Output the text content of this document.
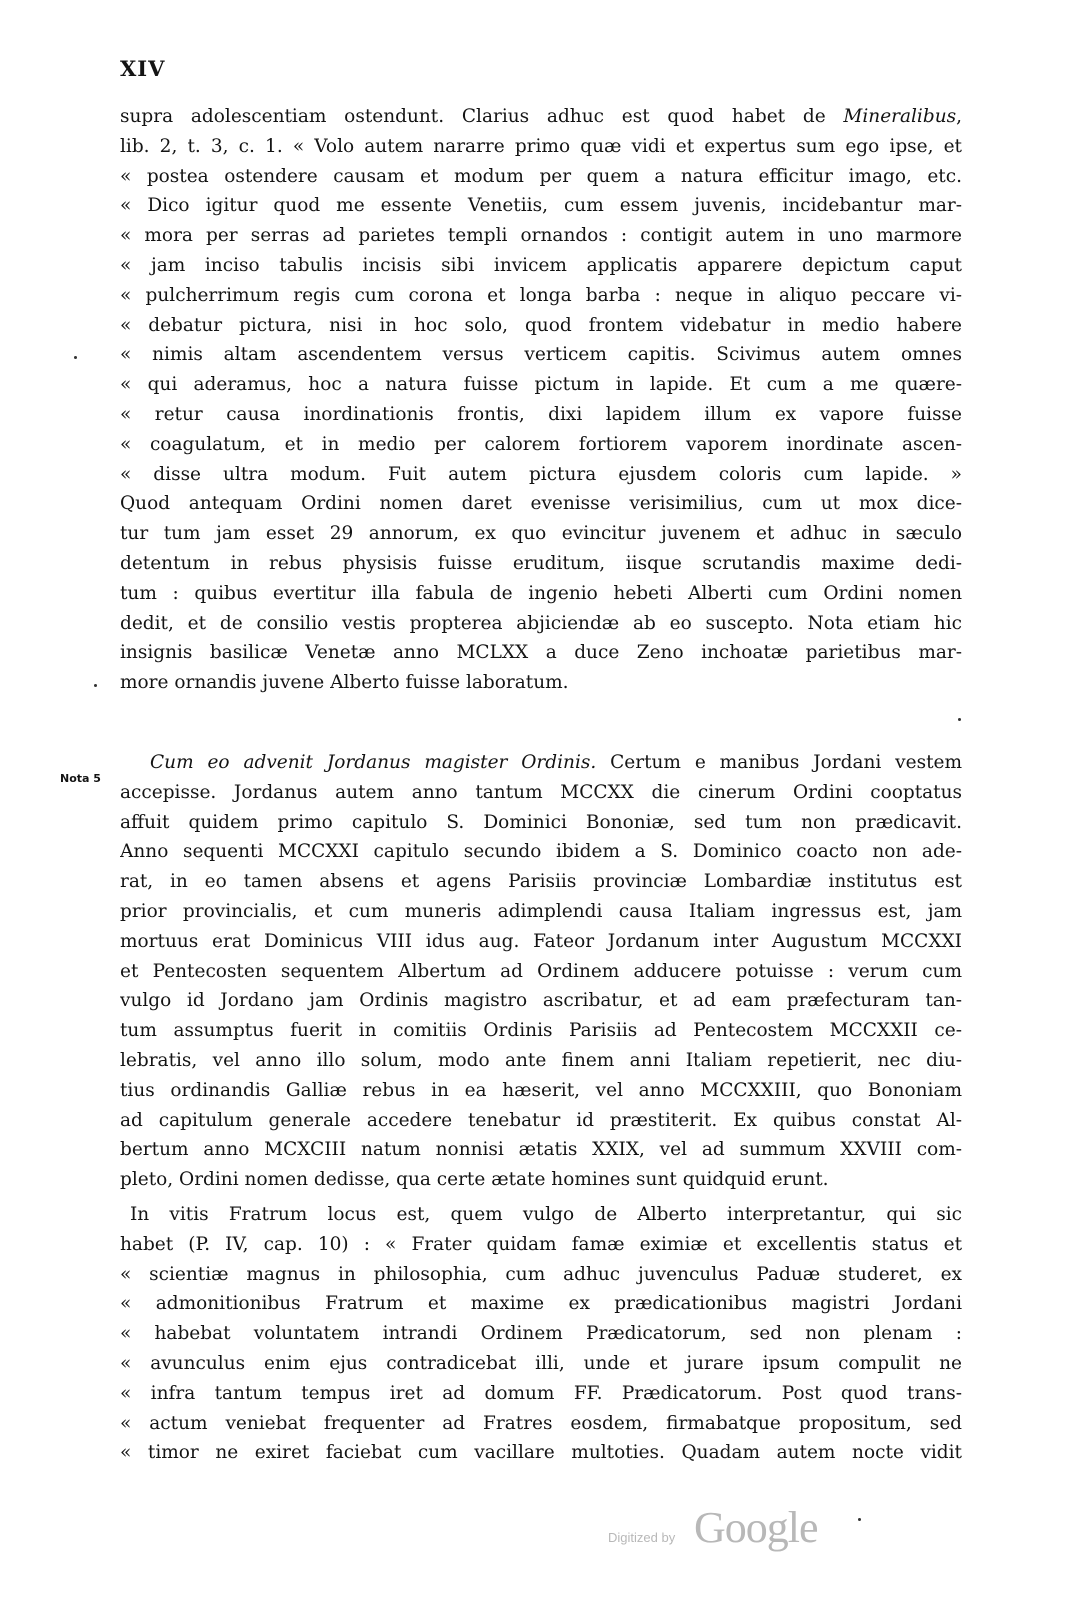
XIV
supra adolescentiam ostendunt. Clarius adhuc est quod habet de Mineralibus,
lib. 2, t. 3, c. 1. « Volo autem nararre primo quæ vidi et expertus sum ego ipse, et
« postea ostendere causam et modum per quem a natura efficitur imago, etc.
« Dico igitur quod me essente Venetiis, cum essem juvenis, incidebantur mar-
« mora per serras ad parietes templi ornandos : contigit autem in uno marmore
« jam inciso tabulis incisis sibi invicem applicatis apparere depictum caput
« pulcherrimum regis cum corona et longa barba : neque in aliquo peccare vi-
« debatur pictura, nisi in hoc solo, quod frontem videbatur in medio habere
« nimis altam ascendentem versus verticem capitis. Scivimus autem omnes
« qui aderamus, hoc a natura fuisse pictum in lapide. Et cum a me quære-
« retur causa inordinationis frontis, dixi lapidem illum ex vapore fuisse
« coagulatum, et in medio per calorem fortiorem vaporem inordinate ascen-
« disse ultra modum. Fuit autem pictura ejusdem coloris cum lapide. »
Quod antequam Ordini nomen daret evenisse verisimilius, cum ut mox dice-
tur tum jam esset 29 annorum, ex quo evincitur juvenem et adhuc in sæculo
detentum in rebus physisis fuisse eruditum, iisque scrutandis maxime dedi-
tum : quibus evertitur illa fabula de ingenio hebeti Alberti cum Ordini nomen
dedit, et de consilio vestis propterea abjiciendæ ab eo suscepto. Nota etiam hic
insignis basilicæ Venetæ anno MCLXX a duce Zeno inchoatæ parietibus mar-
more ornandis juvene Alberto fuisse laboratum.
Nota 5
Cum eo advenit Jordanus magister Ordinis. Certum e manibus Jordani vestem
accepisse. Jordanus autem anno tantum MCCXX die cinerum Ordini cooptatus
affuit quidem primo capitulo S. Dominici Bononiæ, sed tum non prædicavit.
Anno sequenti MCCXXI capitulo secundo ibidem a S. Dominico coacto non ade-
rat, in eo tamen absens et agens Parisiis provinciæ Lombardiæ institutus est
prior provincialis, et cum muneris adimplendi causa Italiam ingressus est, jam
mortuus erat Dominicus VIII idus aug. Fateor Jordanum inter Augustum MCCXXI
et Pentecosten sequentem Albertum ad Ordinem adducere potuisse : verum cum
vulgo id Jordano jam Ordinis magistro ascribatur, et ad eam præfecturam tan-
tum assumptus fuerit in comitiis Ordinis Parisiis ad Pentecostem MCCXXII ce-
lebratis, vel anno illo solum, modo ante finem anni Italiam repetierit, nec diu-
tius ordinandis Galliæ rebus in ea hæserit, vel anno MCCXXIII, quo Bononiam
ad capitulum generale accedere tenebatur id præstiterit. Ex quibus constat Al-
bertum anno MCXCIII natum nonnisi ætatis XXIX, vel ad summum XXVIII com-
pleto, Ordini nomen dedisse, qua certe ætate homines sunt quidquid erunt.
In vitis Fratrum locus est, quem vulgo de Alberto interpretantur, qui sic
habet (P. IV, cap. 10) : « Frater quidam famæ eximiæ et excellentis status et
« scientiæ magnus in philosophia, cum adhuc juvenculus Paduæ studeret, ex
« admonitionibus Fratrum et maxime ex prædicationibus magistri Jordani
« habebat voluntatem intrandi Ordinem Prædicatorum, sed non plenam :
« avunculus enim ejus contradicebat illi, unde et jurare ipsum compulit ne
« infra tantum tempus iret ad domum FF. Prædicatorum. Post quod trans-
« actum veniebat frequenter ad Fratres eosdem, firmabatque propositum, sed
« timor ne exiret faciebat cum vacillare multoties. Quadam autem nocte vidit
Digitized by Google
